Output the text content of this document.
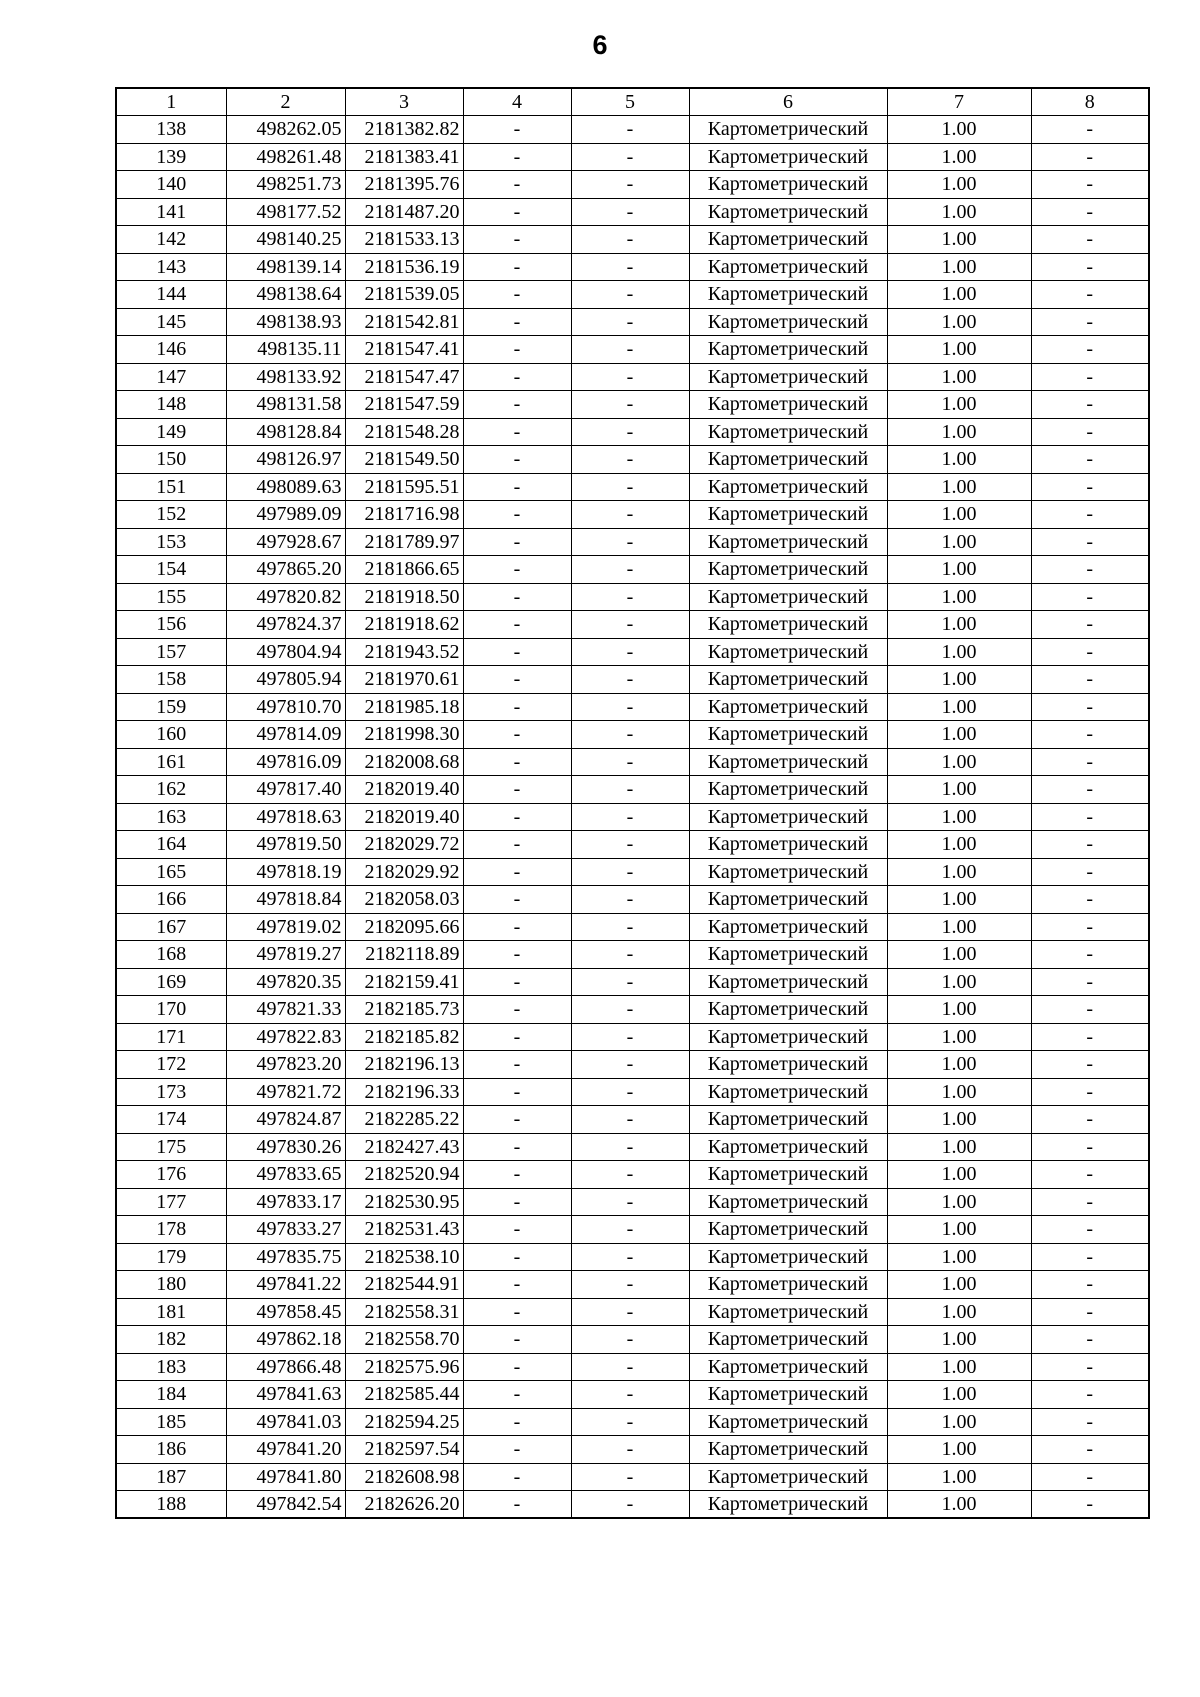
6
1	2	3	4	5	6	7	8
138	498262.05	2181382.82	-	-	Картометрический	1.00	-
139	498261.48	2181383.41	-	-	Картометрический	1.00	-
140	498251.73	2181395.76	-	-	Картометрический	1.00	-
141	498177.52	2181487.20	-	-	Картометрический	1.00	-
142	498140.25	2181533.13	-	-	Картометрический	1.00	-
143	498139.14	2181536.19	-	-	Картометрический	1.00	-
144	498138.64	2181539.05	-	-	Картометрический	1.00	-
145	498138.93	2181542.81	-	-	Картометрический	1.00	-
146	498135.11	2181547.41	-	-	Картометрический	1.00	-
147	498133.92	2181547.47	-	-	Картометрический	1.00	-
148	498131.58	2181547.59	-	-	Картометрический	1.00	-
149	498128.84	2181548.28	-	-	Картометрический	1.00	-
150	498126.97	2181549.50	-	-	Картометрический	1.00	-
151	498089.63	2181595.51	-	-	Картометрический	1.00	-
152	497989.09	2181716.98	-	-	Картометрический	1.00	-
153	497928.67	2181789.97	-	-	Картометрический	1.00	-
154	497865.20	2181866.65	-	-	Картометрический	1.00	-
155	497820.82	2181918.50	-	-	Картометрический	1.00	-
156	497824.37	2181918.62	-	-	Картометрический	1.00	-
157	497804.94	2181943.52	-	-	Картометрический	1.00	-
158	497805.94	2181970.61	-	-	Картометрический	1.00	-
159	497810.70	2181985.18	-	-	Картометрический	1.00	-
160	497814.09	2181998.30	-	-	Картометрический	1.00	-
161	497816.09	2182008.68	-	-	Картометрический	1.00	-
162	497817.40	2182019.40	-	-	Картометрический	1.00	-
163	497818.63	2182019.40	-	-	Картометрический	1.00	-
164	497819.50	2182029.72	-	-	Картометрический	1.00	-
165	497818.19	2182029.92	-	-	Картометрический	1.00	-
166	497818.84	2182058.03	-	-	Картометрический	1.00	-
167	497819.02	2182095.66	-	-	Картометрический	1.00	-
168	497819.27	2182118.89	-	-	Картометрический	1.00	-
169	497820.35	2182159.41	-	-	Картометрический	1.00	-
170	497821.33	2182185.73	-	-	Картометрический	1.00	-
171	497822.83	2182185.82	-	-	Картометрический	1.00	-
172	497823.20	2182196.13	-	-	Картометрический	1.00	-
173	497821.72	2182196.33	-	-	Картометрический	1.00	-
174	497824.87	2182285.22	-	-	Картометрический	1.00	-
175	497830.26	2182427.43	-	-	Картометрический	1.00	-
176	497833.65	2182520.94	-	-	Картометрический	1.00	-
177	497833.17	2182530.95	-	-	Картометрический	1.00	-
178	497833.27	2182531.43	-	-	Картометрический	1.00	-
179	497835.75	2182538.10	-	-	Картометрический	1.00	-
180	497841.22	2182544.91	-	-	Картометрический	1.00	-
181	497858.45	2182558.31	-	-	Картометрический	1.00	-
182	497862.18	2182558.70	-	-	Картометрический	1.00	-
183	497866.48	2182575.96	-	-	Картометрический	1.00	-
184	497841.63	2182585.44	-	-	Картометрический	1.00	-
185	497841.03	2182594.25	-	-	Картометрический	1.00	-
186	497841.20	2182597.54	-	-	Картометрический	1.00	-
187	497841.80	2182608.98	-	-	Картометрический	1.00	-
188	497842.54	2182626.20	-	-	Картометрический	1.00	-
